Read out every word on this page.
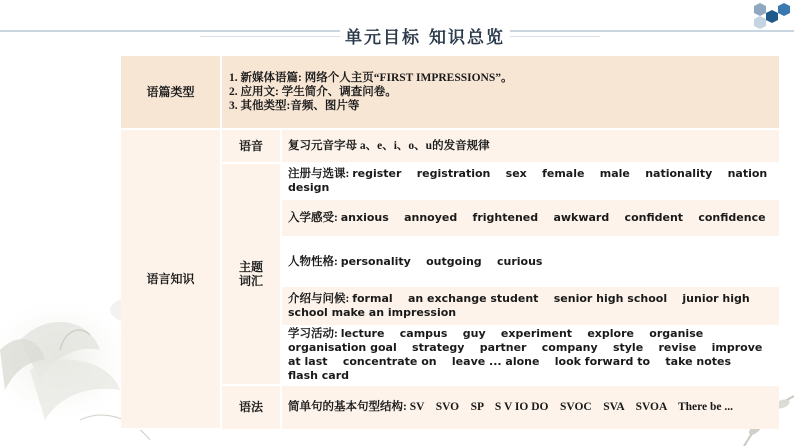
单元目标 知识总览
语篇类型	1. 新媒体语篇: 网络个人主页“FIRST IMPRESSIONS”。
2. 应用文: 学生简介、调查问卷。
3. 其他类型:音频、图片等	

语言知识	语音	复习元音字母 a、e、i、o、u的发音规律

	主题
词汇	注册与选课: register    registration    sex    female    male    nationality    nation design
		入学感受: anxious    annoyed    frightened    awkward    confident    confidence
		人物性格: personality    outgoing    curious
		介绍与问候: formal    an exchange student    senior high school    junior high school make an impression
		学习活动: lecture    campus    guy    experiment    explore    organise    organisation goal    strategy    partner    company    style    revise    improve    at last    concentrate on    leave ... alone    look forward to    take notes    flash card
	语法	简单句的基本句型结构: SV    SVO    SP    S V IO DO    SVOC    SVA    SVOA    There be ...
